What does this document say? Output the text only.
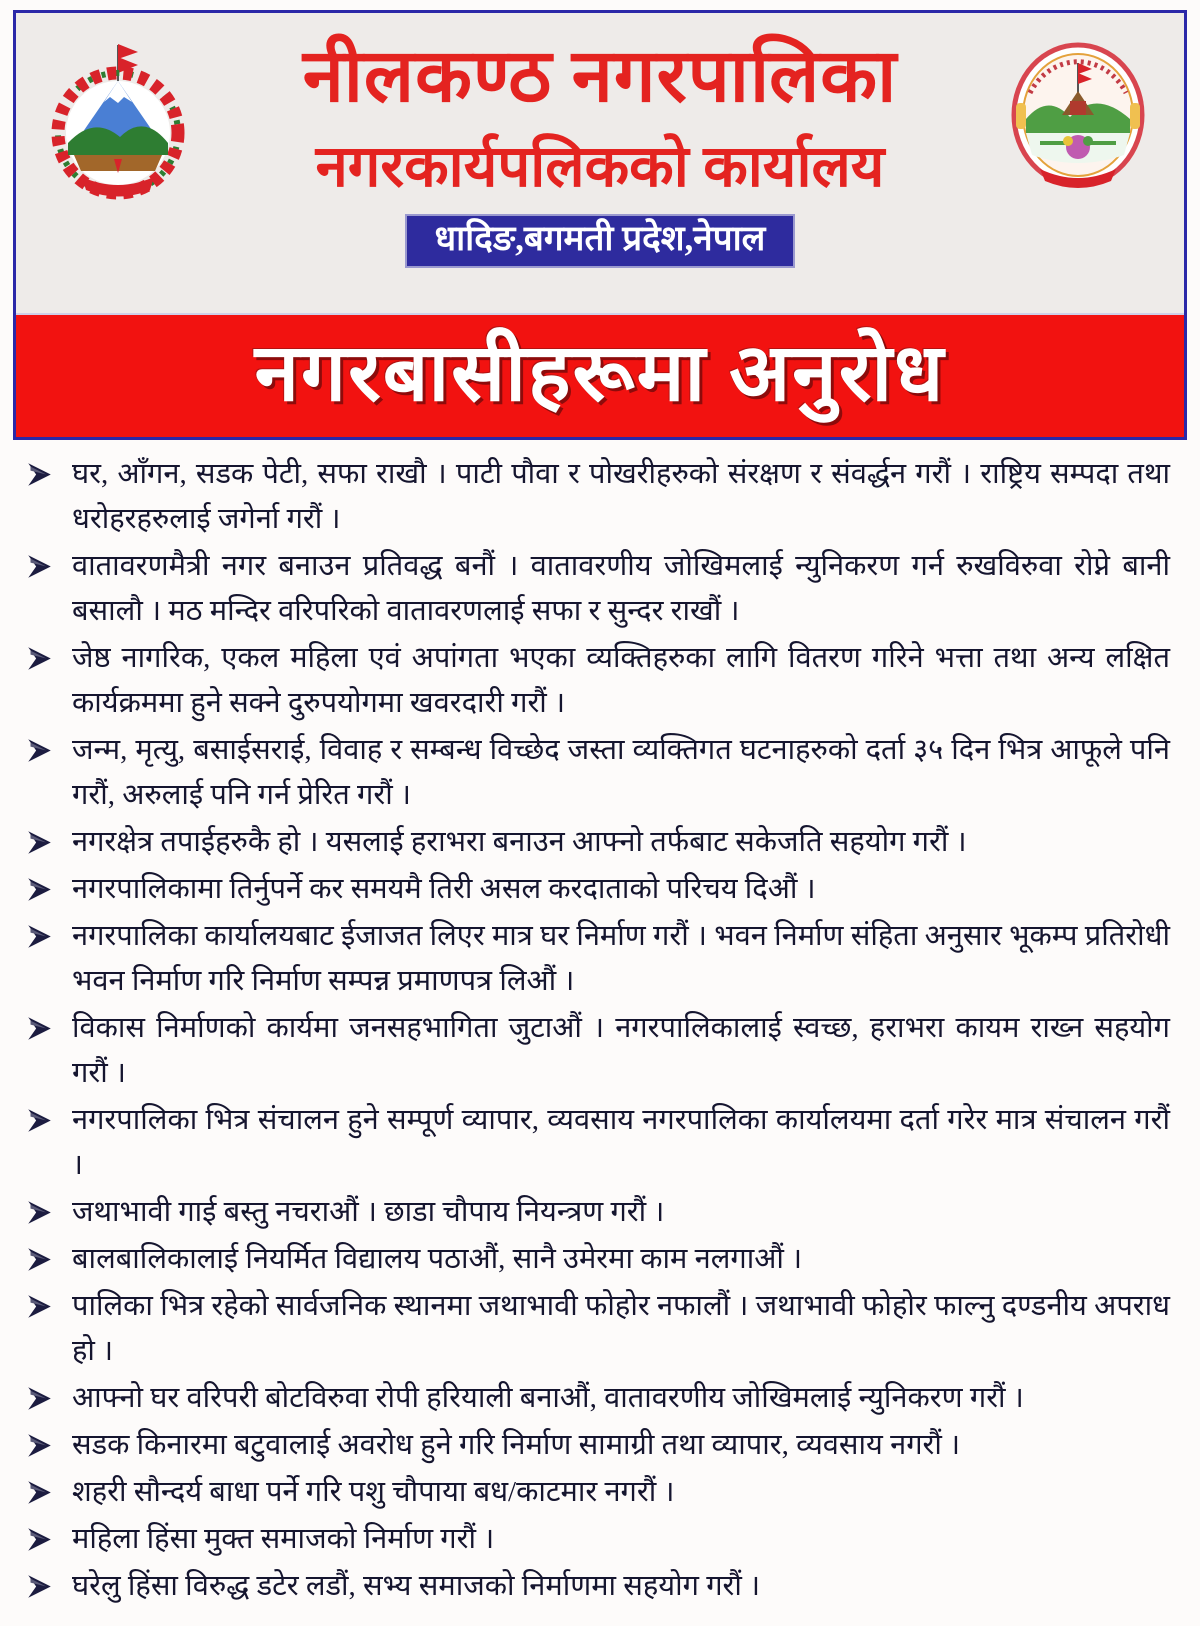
नीलकण्ठ नगरपालिका
नगरकार्यपलिकको कार्यालय
धादिङ,बगमती प्रदेश,नेपाल
नगरबासीहरूमा अनुरोध
घर, आँगन, सडक पेटी, सफा राखौ । पाटी पौवा र पोखरीहरुको संरक्षण र संवर्द्धन गरौं । राष्ट्रिय सम्पदा तथा धरोहरहरुलाई जगेर्ना गरौं ।
वातावरणमैत्री नगर बनाउन प्रतिवद्ध बनौं । वातावरणीय जोखिमलाई न्युनिकरण गर्न रुखविरुवा रोप्ने बानी बसालौ । मठ मन्दिर वरिपरिको वातावरणलाई सफा र सुन्दर राखौं ।
जेष्ठ नागरिक, एकल महिला एवं अपांगता भएका व्यक्तिहरुका लागि वितरण गरिने भत्ता तथा अन्य लक्षित कार्यक्रममा हुने सक्ने दुरुपयोगमा खवरदारी गरौं ।
जन्म, मृत्यु, बसाईसराई, विवाह र सम्बन्ध विच्छेद जस्ता व्यक्तिगत घटनाहरुको दर्ता ३५ दिन भित्र आफूले पनि गरौं, अरुलाई पनि गर्न प्रेरित गरौं ।
नगरक्षेत्र तपाईहरुकै हो । यसलाई हराभरा बनाउन आफ्नो तर्फबाट सकेजति सहयोग गरौं ।
नगरपालिकामा तिर्नुपर्ने कर समयमै तिरी असल करदाताको परिचय दिऔं ।
नगरपालिका कार्यालयबाट ईजाजत लिएर मात्र घर निर्माण गरौं । भवन निर्माण संहिता अनुसार भूकम्प प्रतिरोधी भवन निर्माण गरि निर्माण सम्पन्न प्रमाणपत्र लिऔं ।
विकास निर्माणको कार्यमा जनसहभागिता जुटाऔं । नगरपालिकालाई स्वच्छ, हराभरा कायम राख्न सहयोग गरौं ।
नगरपालिका भित्र संचालन हुने सम्पूर्ण व्यापार, व्यवसाय नगरपालिका कार्यालयमा दर्ता गरेर मात्र संचालन गरौं ।
जथाभावी गाई बस्तु नचराऔं । छाडा चौपाय नियन्त्रण गरौं ।
बालबालिकालाई नियर्मित विद्यालय पठाऔं, सानै उमेरमा काम नलगाऔं ।
पालिका भित्र रहेको सार्वजनिक स्थानमा जथाभावी फोहोर नफालौं । जथाभावी फोहोर फाल्नु दण्डनीय अपराध हो ।
आफ्नो घर वरिपरी बोटविरुवा रोपी हरियाली बनाऔं, वातावरणीय जोखिमलाई न्युनिकरण गरौं ।
सडक किनारमा बटुवालाई अवरोध हुने गरि निर्माण सामाग्री तथा व्यापार, व्यवसाय नगरौं ।
शहरी सौन्दर्य बाधा पर्ने गरि पशु चौपाया बध/काटमार नगरौं ।
महिला हिंसा मुक्त समाजको निर्माण गरौं ।
घरेलु हिंसा विरुद्ध डटेर लडौं, सभ्य समाजको निर्माणमा सहयोग गरौं ।
